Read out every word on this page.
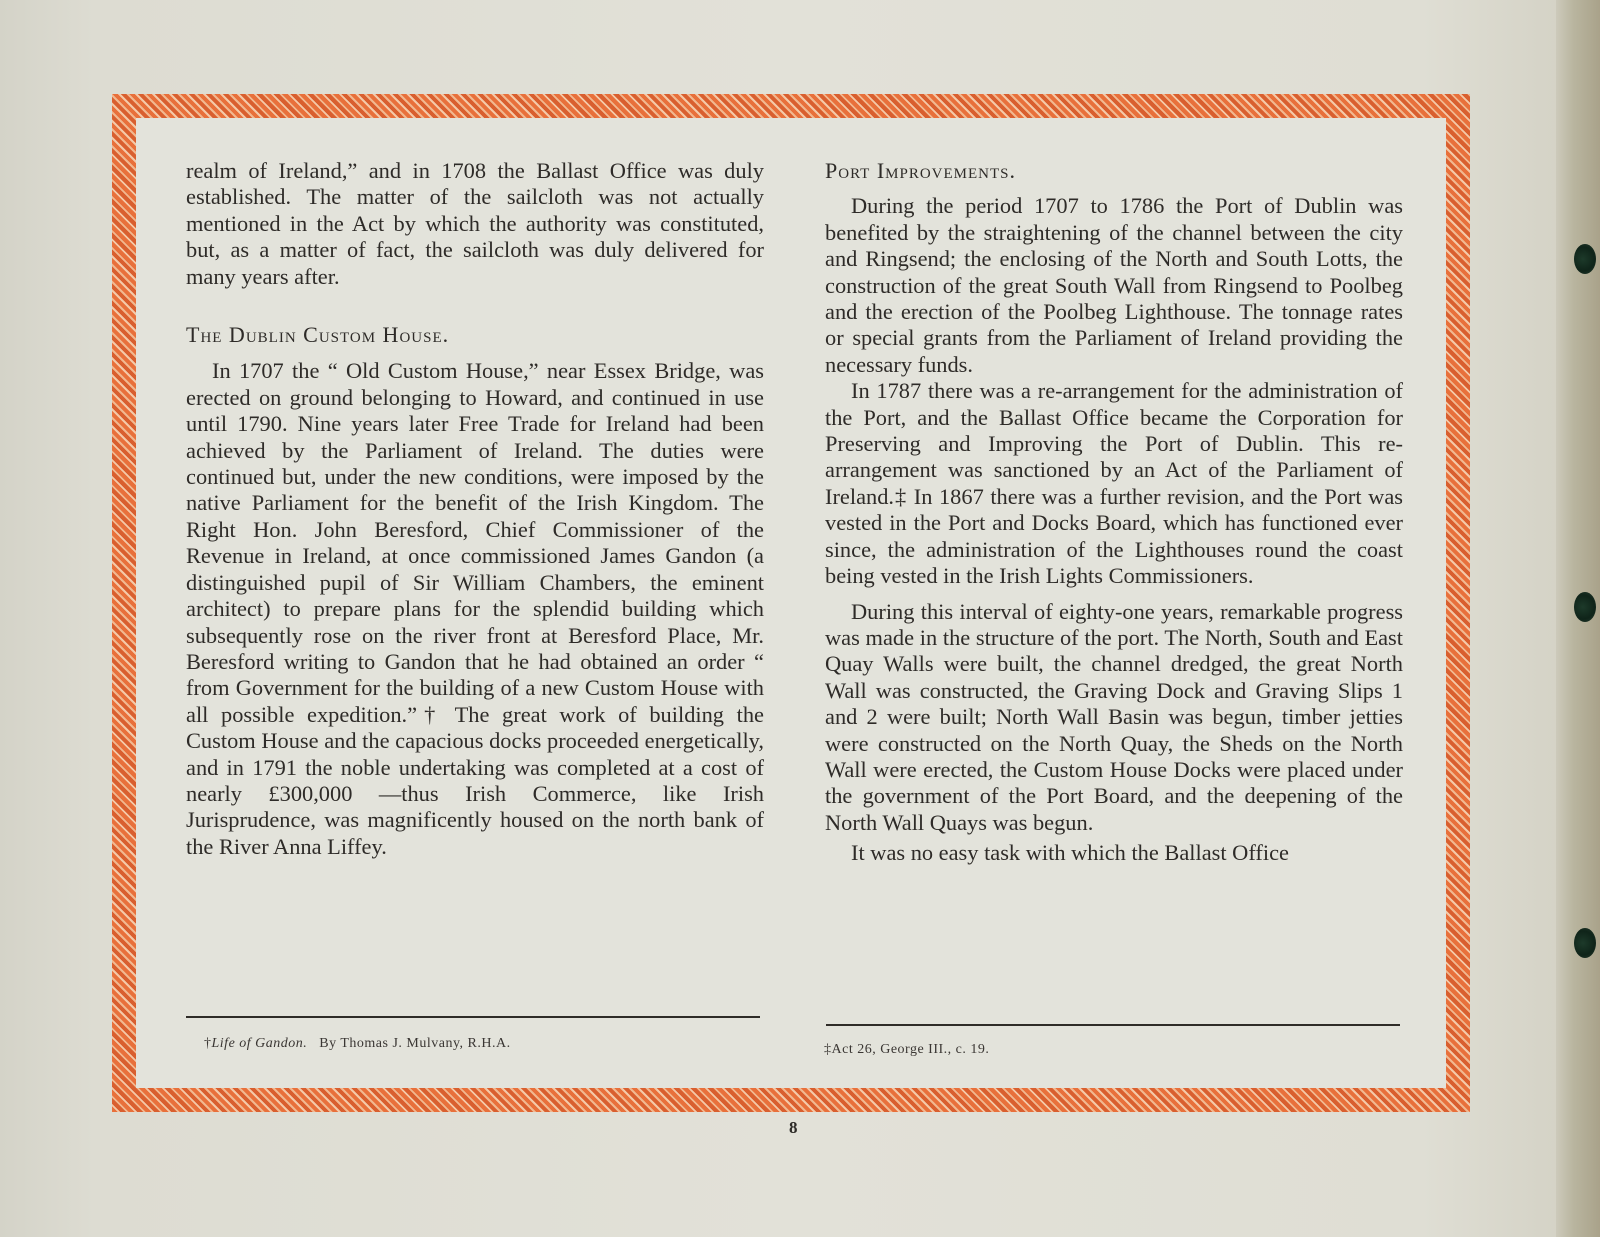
realm of Ireland,” and in 1708 the Ballast Office was duly established. The matter of the sailcloth was not actually mentioned in the Act by which the authority was constituted, but, as a matter of fact, the sailcloth was duly delivered for many years after.

The Dublin Custom House.

In 1707 the “ Old Custom House,” near Essex Bridge, was erected on ground belonging to Howard, and continued in use until 1790. Nine years later Free Trade for Ireland had been achieved by the Parliament of Ireland. The duties were continued but, under the new conditions, were imposed by the native Parliament for the benefit of the Irish Kingdom. The Right Hon. John Beresford, Chief Commissioner of the Revenue in Ireland, at once commissioned James Gandon (a distinguished pupil of Sir William Chambers, the eminent architect) to prepare plans for the splendid building which subsequently rose on the river front at Beresford Place, Mr. Beresford writing to Gandon that he had obtained an order “ from Government for the building of a new Custom House with all possible expedition.”† The great work of building the Custom House and the capacious docks proceeded energetically, and in 1791 the noble undertaking was completed at a cost of nearly £300,000 —thus Irish Commerce, like Irish Jurisprudence, was magnificently housed on the north bank of the River Anna Liffey.

Port Improvements.

During the period 1707 to 1786 the Port of Dublin was benefited by the straightening of the channel between the city and Ringsend; the enclosing of the North and South Lotts, the construction of the great South Wall from Ringsend to Poolbeg and the erection of the Poolbeg Lighthouse. The tonnage rates or special grants from the Parliament of Ireland providing the necessary funds.

In 1787 there was a re-arrangement for the administration of the Port, and the Ballast Office became the Corporation for Preserving and Improving the Port of Dublin. This re-arrangement was sanctioned by an Act of the Parliament of Ireland.‡ In 1867 there was a further revision, and the Port was vested in the Port and Docks Board, which has functioned ever since, the administration of the Lighthouses round the coast being vested in the Irish Lights Commissioners.

During this interval of eighty-one years, remarkable progress was made in the structure of the port. The North, South and East Quay Walls were built, the channel dredged, the great North Wall was constructed, the Graving Dock and Graving Slips 1 and 2 were built; North Wall Basin was begun, timber jetties were constructed on the North Quay, the Sheds on the North Wall were erected, the Custom House Docks were placed under the government of the Port Board, and the deepening of the North Wall Quays was begun.

It was no easy task with which the Ballast Office

†Life of Gandon. By Thomas J. Mulvany, R.H.A.	‡Act 26, George III., c. 19.
8
